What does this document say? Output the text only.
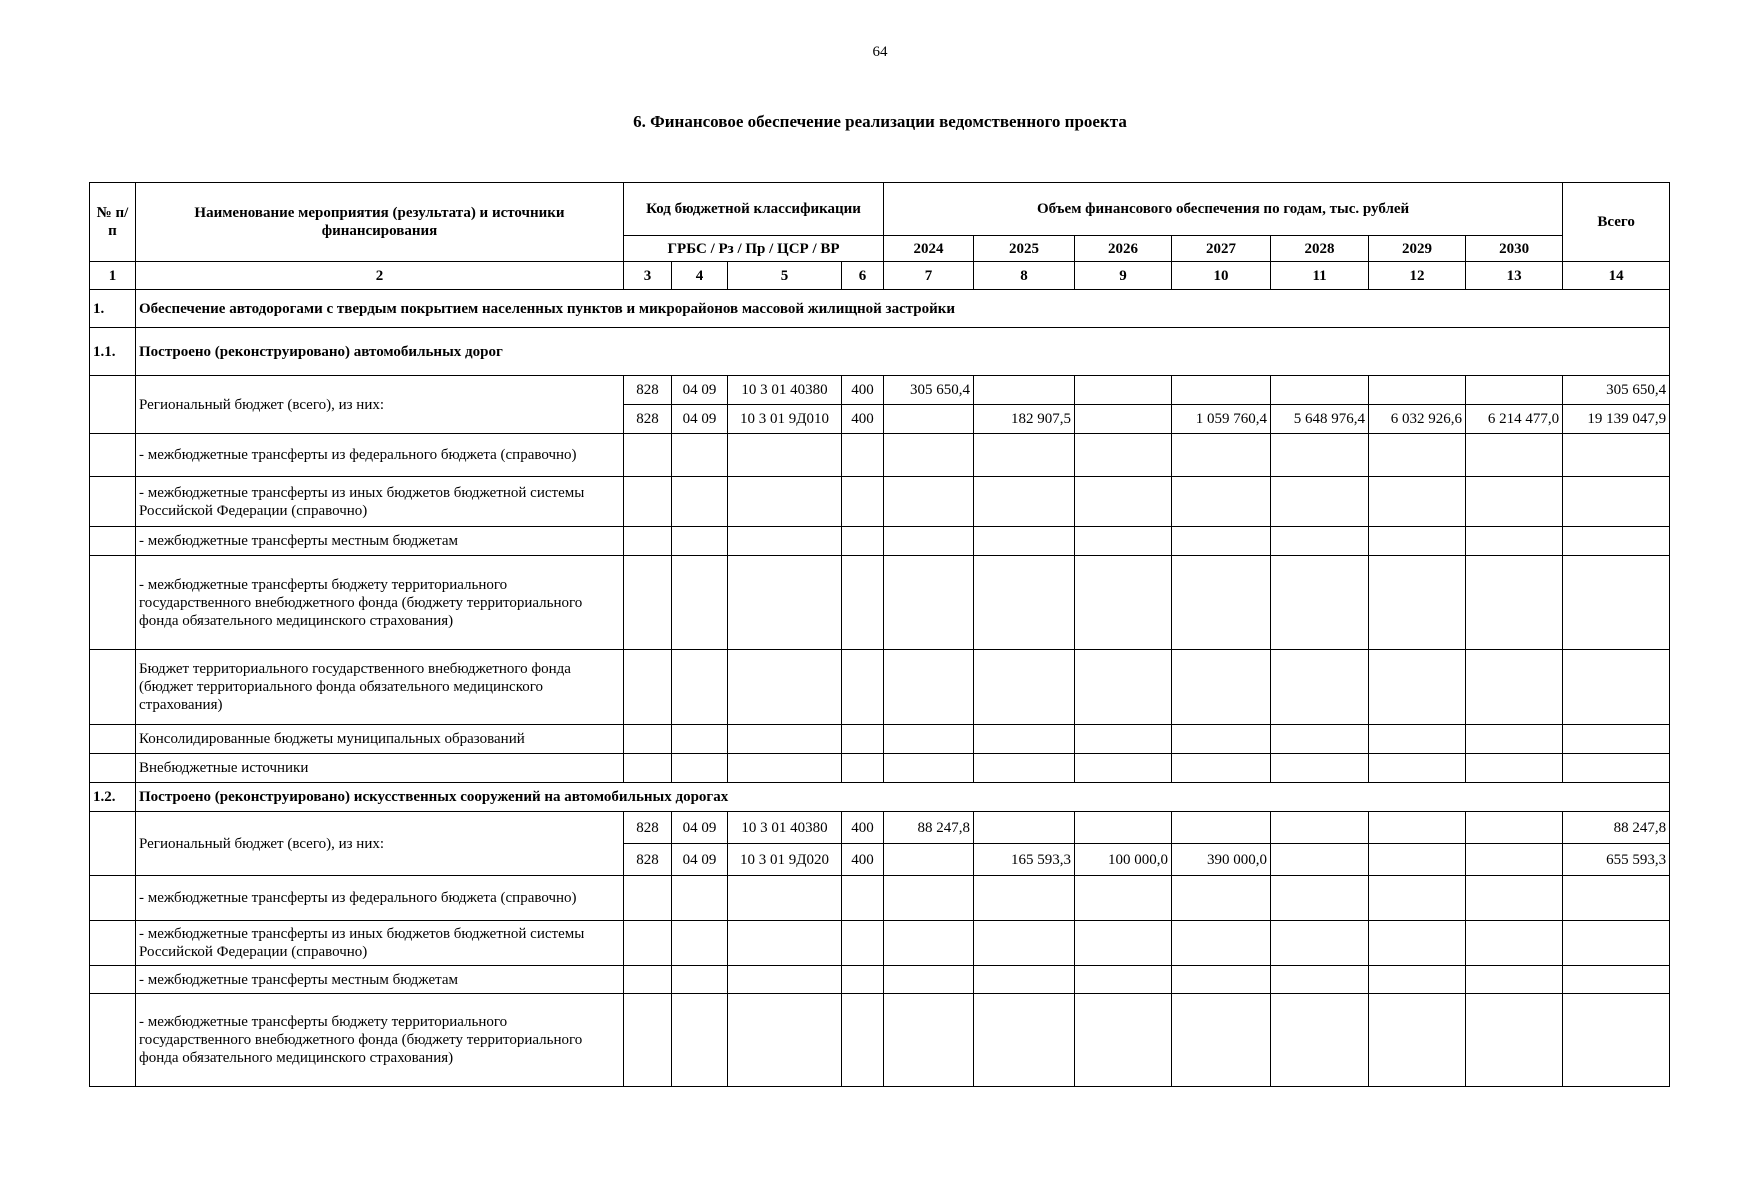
64
6. Финансовое обеспечение реализации ведомственного проекта
№ п/п	Наименование мероприятия (результата) и источники финансирования	Код бюджетной классификации				Объем финансового обеспечения по годам, тыс. рублей							Всего
		ГРБС / Рз / Пр / ЦСР / ВР				2024	2025	2026	2027	2028	2029	2030	
1	2	3	4	5	6	7	8	9	10	11	12	13	14
1.	Обеспечение автодорогами с твердым покрытием населенных пунктов и микрорайонов массовой жилищной застройки												
1.1.	Построено (реконструировано) автомобильных дорог												
	Региональный бюджет (всего), из них:	828	04 09	10 3 01 40380	400	305 650,4							305 650,4
		828	04 09	10 3 01 9Д010	400		182 907,5		1 059 760,4	5 648 976,4	6 032 926,6	6 214 477,0	19 139 047,9
	- межбюджетные трансферты из федерального бюджета (справочно)												
	- межбюджетные трансферты из иных бюджетов бюджетной системы Российской Федерации (справочно)												
	- межбюджетные трансферты местным бюджетам												
	- межбюджетные трансферты бюджету территориального государственного внебюджетного фонда (бюджету территориального фонда обязательного медицинского страхования)												
	Бюджет территориального государственного внебюджетного фонда (бюджет территориального фонда обязательного медицинского страхования)												
	Консолидированные бюджеты муниципальных образований												
	Внебюджетные источники												
1.2.	Построено (реконструировано) искусственных сооружений на автомобильных дорогах												
	Региональный бюджет (всего), из них:	828	04 09	10 3 01 40380	400	88 247,8							88 247,8
		828	04 09	10 3 01 9Д020	400		165 593,3	100 000,0	390 000,0				655 593,3
	- межбюджетные трансферты из федерального бюджета (справочно)												
	- межбюджетные трансферты из иных бюджетов бюджетной системы Российской Федерации (справочно)												
	- межбюджетные трансферты местным бюджетам												
	- межбюджетные трансферты бюджету территориального государственного внебюджетного фонда (бюджету территориального фонда обязательного медицинского страхования)												
